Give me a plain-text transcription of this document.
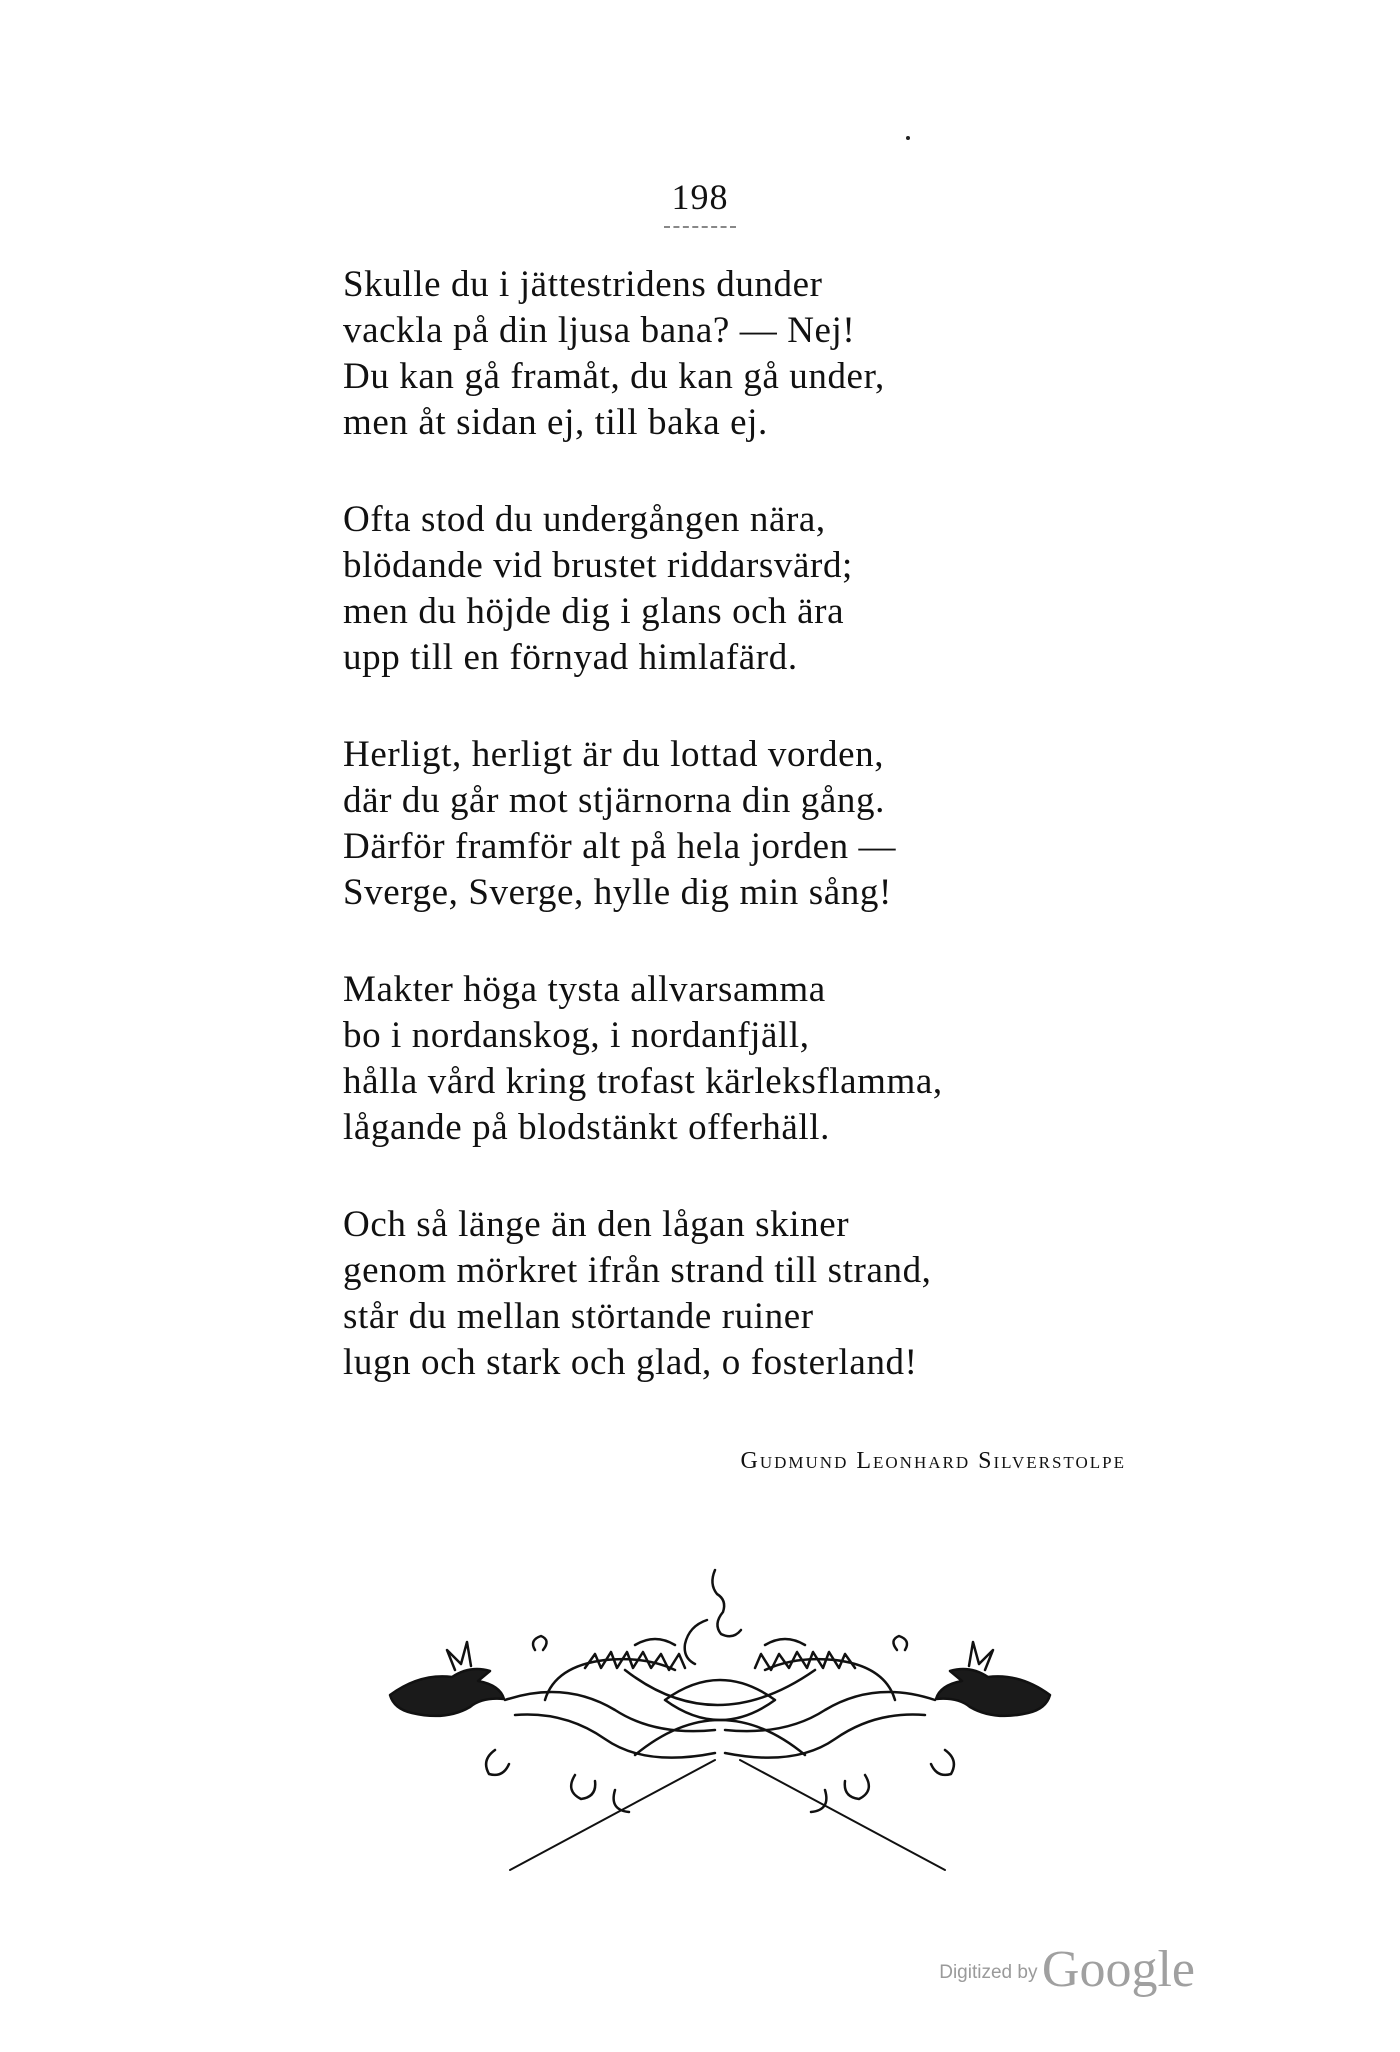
198
Skulle du i jättestridens dunder
vackla på din ljusa bana? — Nej!
Du kan gå framåt, du kan gå under,
men åt sidan ej, till baka ej.
Ofta stod du undergången nära,
blödande vid brustet riddarsvärd;
men du höjde dig i glans och ära
upp till en förnyad himlafärd.
Herligt, herligt är du lottad vorden,
där du går mot stjärnorna din gång.
Därför framför alt på hela jorden —
Sverge, Sverge, hylle dig min sång!
Makter höga tysta allvarsamma
bo i nordanskog, i nordanfjäll,
hålla vård kring trofast kärleksflamma,
lågande på blodstänkt offerhäll.
Och så länge än den lågan skiner
genom mörkret ifrån strand till strand,
står du mellan störtande ruiner
lugn och stark och glad, o fosterland!
Gudmund Leonhard Silverstolpe
Digitized by Google
